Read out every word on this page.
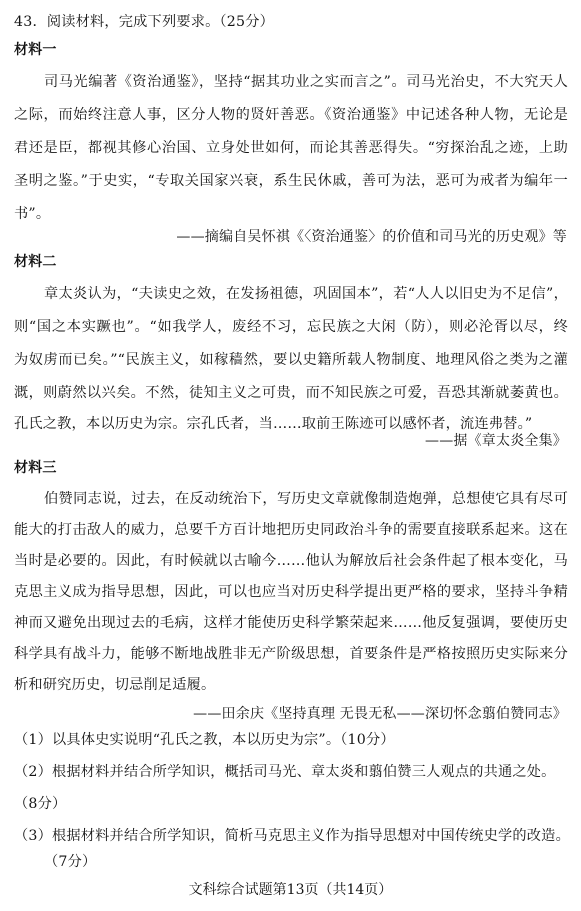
43．阅读材料，完成下列要求。（25分）
材料一
司马光编著《资治通鉴》，坚持“据其功业之实而言之”。司马光治史，不大究天人
之际，而始终注意人事，区分人物的贤奸善恶。《资治通鉴》中记述各种人物，无论是
君还是臣，都视其修心治国、立身处世如何，而论其善恶得失。“穷探治乱之迹，上助
圣明之鉴。”于史实，“专取关国家兴衰，系生民休戚，善可为法，恶可为戒者为编年一
书”。
——摘编自吴怀祺《〈资治通鉴〉的价值和司马光的历史观》等
材料二
章太炎认为，“夫读史之效，在发扬祖德，巩固国本”，若“人人以旧史为不足信”，
则“国之本实蹶也”。“如我学人，废经不习，忘民族之大闲（防），则必沦胥以尽，终
为奴虏而已矣。”“民族主义，如稼穑然，要以史籍所载人物制度、地理风俗之类为之灌
溉，则蔚然以兴矣。不然，徒知主义之可贵，而不知民族之可爱，吾恐其渐就萎黄也。
孔氏之教，本以历史为宗。宗孔氏者，当……取前王陈迹可以感怀者，流连弗替。”
——据《章太炎全集》
材料三
伯赞同志说，过去，在反动统治下，写历史文章就像制造炮弹，总想使它具有尽可
能大的打击敌人的威力，总要千方百计地把历史同政治斗争的需要直接联系起来。这在
当时是必要的。因此，有时候就以古喻今……他认为解放后社会条件起了根本变化，马
克思主义成为指导思想，因此，可以也应当对历史科学提出更严格的要求，坚持斗争精
神而又避免出现过去的毛病，这样才能使历史科学繁荣起来……他反复强调，要使历史
科学具有战斗力，能够不断地战胜非无产阶级思想，首要条件是严格按照历史实际来分
析和研究历史，切忌削足适履。
——田余庆《坚持真理 无畏无私——深切怀念翦伯赞同志》
（1）以具体史实说明“孔氏之教，本以历史为宗”。（10分）
（2）根据材料并结合所学知识，概括司马光、章太炎和翦伯赞三人观点的共通之处。
（8分）
（3）根据材料并结合所学知识，简析马克思主义作为指导思想对中国传统史学的改造。
（7分）
文科综合试题第13页（共14页）
